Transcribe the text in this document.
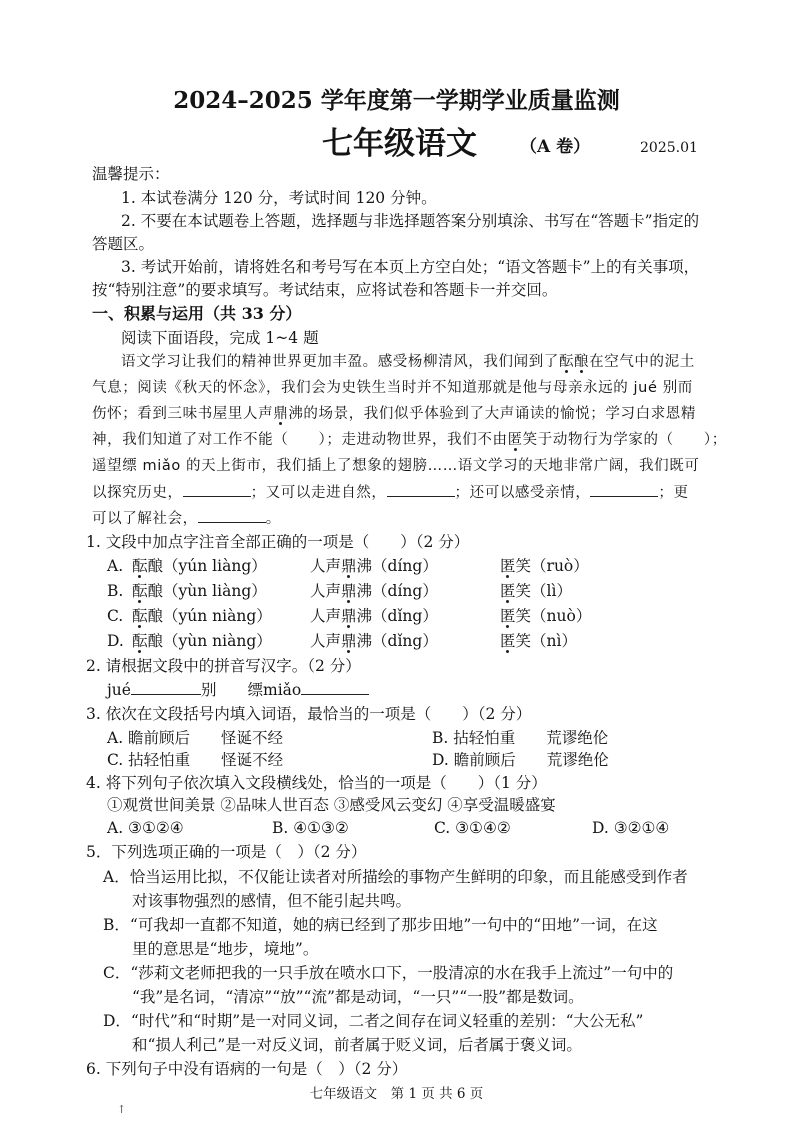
2024–2025 学年度第一学期学业质量监测
七年级语文	（A 卷）	2025.01
温馨提示：
1. 本试卷满分 120 分，考试时间 120 分钟。
2. 不要在本试题卷上答题，选择题与非选择题答案分别填涂、书写在“答题卡”指定的
答题区。
3. 考试开始前，请将姓名和考号写在本页上方空白处；“语文答题卡”上的有关事项，
按“特别注意”的要求填写。考试结束，应将试卷和答题卡一并交回。
一、积累与运用（共 33 分）
阅读下面语段，完成 1~4 题
语文学习让我们的精神世界更加丰盈。感受杨柳清风，我们闻到了酝酿在空气中的泥土
气息；阅读《秋天的怀念》，我们会为史铁生当时并不知道那就是他与母亲永远的 jué 别而
伤怀；看到三味书屋里人声鼎沸的场景，我们似乎体验到了大声诵读的愉悦；学习白求恩精
神，我们知道了对工作不能（　　）；走进动物世界，我们不由匿笑于动物行为学家的（　　）；
遥望缥 miǎo 的天上街市，我们插上了想象的翅膀……语文学习的天地非常广阔，我们既可
以探究历史，	；又可以走进自然，	；还可以感受亲情，	；更
可以了解社会，	。
1. 文段中加点字注音全部正确的一项是（　　）（2 分）
A. 酝酿（yún liàng）	人声鼎沸（díng）	匿笑（ruò）
B. 酝酿（yùn liàng）	人声鼎沸（díng）	匿笑（lì）
C. 酝酿（yún niàng） 人声鼎沸（dǐng）	匿笑（nuò）
D. 酝酿（yùn niàng） 人声鼎沸（dǐng）	匿笑（nì）
2. 请根据文段中的拼音写汉字。（2 分）
jué	别　　 缥miǎo
3. 依次在文段括号内填入词语，最恰当的一项是（　　）（2 分）
A. 瞻前顾后　　怪诞不经	B. 拈轻怕重　　荒谬绝伦
C. 拈轻怕重　　怪诞不经	D. 瞻前顾后　　荒谬绝伦
4. 将下列句子依次填入文段横线处，恰当的一项是（　　）（1 分）
①观赏世间美景 ②品味人世百态 ③感受风云变幻 ④享受温暖盛宴
A. ③①②④	B. ④①③②	C. ③①④②	D. ③②①④
5．下列选项正确的一项是（　）（2 分）
A．恰当运用比拟，不仅能让读者对所描绘的事物产生鲜明的印象，而且能感受到作者
对该事物强烈的感情，但不能引起共鸣。
B．“可我却一直都不知道，她的病已经到了那步田地”一句中的“田地”一词，在这
里的意思是“地步，境地”。
C．“莎莉文老师把我的一只手放在喷水口下，一股清凉的水在我手上流过”一句中的
“我”是名词，“清凉”“放”“流”都是动词，“一只”“一股”都是数词。
D．“时代”和“时期”是一对同义词，二者之间存在词义轻重的差别：“大公无私”
和“损人利己”是一对反义词，前者属于贬义词，后者属于褒义词。
6. 下列句子中没有语病的一句是（　）（2 分）
七年级语文　第 1 页 共 6 页
↑
